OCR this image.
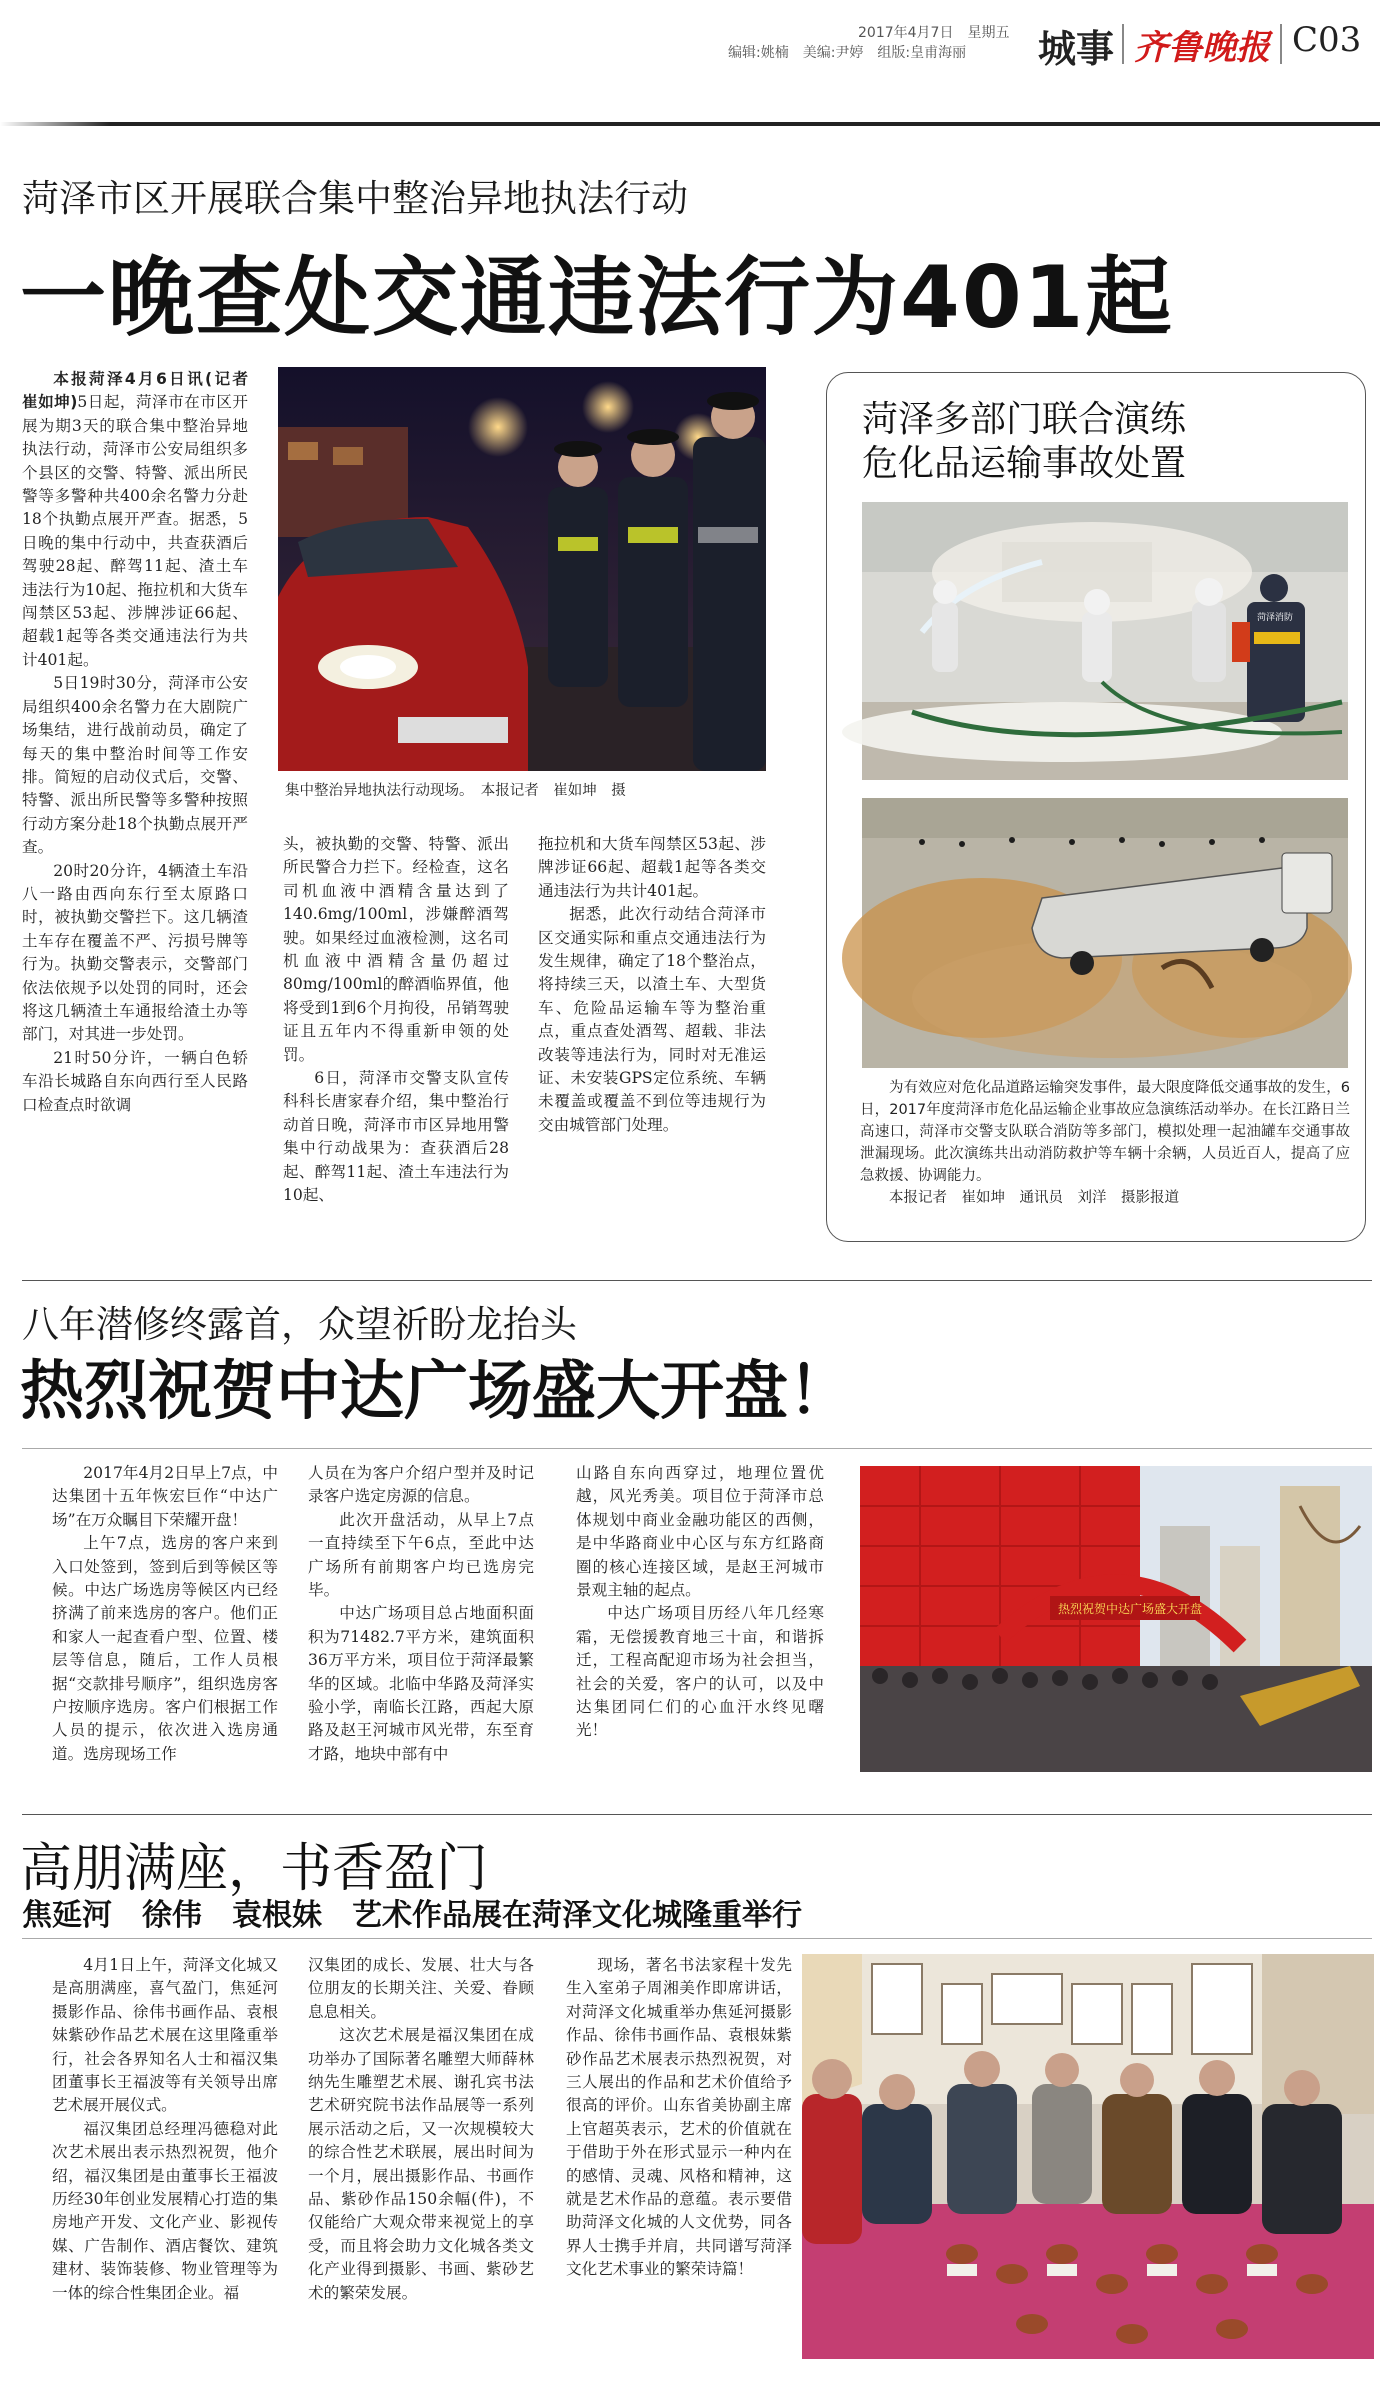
2017年4月7日　星期五
编辑:姚楠　美编:尹婷　组版:皇甫海丽 城事 齐鲁晚报 C03
菏泽市区开展联合集中整治异地执法行动
一晚查处交通违法行为401起

本报菏泽4月6日讯(记者　崔如坤)5日起，菏泽市在市区开展为期3天的联合集中整治异地执法行动，菏泽市公安局组织多个县区的交警、特警、派出所民警等多警种共400余名警力分赴18个执勤点展开严查。据悉，5日晚的集中行动中，共查获酒后驾驶28起、醉驾11起、渣土车违法行为10起、拖拉机和大货车闯禁区53起、涉牌涉证66起、超载1起等各类交通违法行为共计401起。

5日19时30分，菏泽市公安局组织400余名警力在大剧院广场集结，进行战前动员，确定了每天的集中整治时间等工作安排。简短的启动仪式后，交警、特警、派出所民警等多警种按照行动方案分赴18个执勤点展开严查。

20时20分许，4辆渣土车沿八一路由西向东行至太原路口时，被执勤交警拦下。这几辆渣土车存在覆盖不严、污损号牌等行为。执勤交警表示，交警部门依法依规予以处罚的同时，还会将这几辆渣土车通报给渣土办等部门，对其进一步处罚。

21时50分许，一辆白色轿车沿长城路自东向西行至人民路口检查点时欲调

集中整治异地执法行动现场。　本报记者　崔如坤　摄

头，被执勤的交警、特警、派出所民警合力拦下。经检查，这名司机血液中酒精含量达到了140.6mg/100ml，涉嫌醉酒驾驶。如果经过血液检测，这名司机血液中酒精含量仍超过80mg/100ml的醉酒临界值，他将受到1到6个月拘役，吊销驾驶证且五年内不得重新申领的处罚。

6日，菏泽市交警支队宣传科科长唐家春介绍，集中整治行动首日晚，菏泽市市区异地用警集中行动战果为：查获酒后28起、醉驾11起、渣土车违法行为10起、

拖拉机和大货车闯禁区53起、涉牌涉证66起、超载1起等各类交通违法行为共计401起。

据悉，此次行动结合菏泽市区交通实际和重点交通违法行为发生规律，确定了18个整治点，将持续三天，以渣土车、大型货车、危险品运输车等为整治重点，重点查处酒驾、超载、非法改装等违法行为，同时对无准运证、未安装GPS定位系统、车辆未覆盖或覆盖不到位等违规行为交由城管部门处理。

菏泽多部门联合演练
危化品运输事故处置
菏泽消防

为有效应对危化品道路运输突发事件，最大限度降低交通事故的发生，6日，2017年度菏泽市危化品运输企业事故应急演练活动举办。在长江路日兰高速口，菏泽市交警支队联合消防等多部门，模拟处理一起油罐车交通事故泄漏现场。此次演练共出动消防救护等车辆十余辆，人员近百人，提高了应急救援、协调能力。

本报记者　崔如坤　通讯员　刘洋　摄影报道

八年潜修终露首，众望祈盼龙抬头
热烈祝贺中达广场盛大开盘！

2017年4月2日早上7点，中达集团十五年恢宏巨作“中达广场”在万众瞩目下荣耀开盘！

上午7点，选房的客户来到入口处签到，签到后到等候区等候。中达广场选房等候区内已经挤满了前来选房的客户。他们正和家人一起查看户型、位置、楼层等信息，随后，工作人员根据“交款排号顺序”，组织选房客户按顺序选房。客户们根据工作人员的提示，依次进入选房通道。选房现场工作

人员在为客户介绍户型并及时记录客户选定房源的信息。

此次开盘活动，从早上7点一直持续至下午6点，至此中达广场所有前期客户均已选房完毕。

中达广场项目总占地面积面积为71482.7平方米，建筑面积36万平方米，项目位于菏泽最繁华的区域。北临中华路及菏泽实验小学，南临长江路，西起大原路及赵王河城市风光带，东至育才路，地块中部有中

山路自东向西穿过，地理位置优越，风光秀美。项目位于菏泽市总体规划中商业金融功能区的西侧，是中华路商业中心区与东方红路商圈的核心连接区域，是赵王河城市景观主轴的起点。

中达广场项目历经八年几经寒霜，无偿援教育地三十亩，和谐拆迁，工程高配迎市场为社会担当，社会的关爱，客户的认可，以及中达集团同仁们的心血汗水终见曙光！

热烈祝贺中达广场盛大开盘
高朋满座，书香盈门
焦延河　徐伟　袁根妹　艺术作品展在菏泽文化城隆重举行

4月1日上午，菏泽文化城又是高朋满座，喜气盈门，焦延河摄影作品、徐伟书画作品、袁根妹紫砂作品艺术展在这里隆重举行，社会各界知名人士和福汉集团董事长王福波等有关领导出席艺术展开展仪式。

福汉集团总经理冯德稳对此次艺术展出表示热烈祝贺，他介绍，福汉集团是由董事长王福波历经30年创业发展精心打造的集房地产开发、文化产业、影视传媒、广告制作、酒店餐饮、建筑建材、装饰装修、物业管理等为一体的综合性集团企业。福

汉集团的成长、发展、壮大与各位朋友的长期关注、关爱、眷顾息息相关。

这次艺术展是福汉集团在成功举办了国际著名雕塑大师薛林纳先生雕塑艺术展、谢孔宾书法艺术研究院书法作品展等一系列展示活动之后，又一次规模较大的综合性艺术联展，展出时间为一个月，展出摄影作品、书画作品、紫砂作品150余幅(件)，不仅能给广大观众带来视觉上的享受，而且将会助力文化城各类文化产业得到摄影、书画、紫砂艺术的繁荣发展。

现场，著名书法家程十发先生入室弟子周湘美作即席讲话，对菏泽文化城重举办焦延河摄影作品、徐伟书画作品、袁根妹紫砂作品艺术展表示热烈祝贺，对三人展出的作品和艺术价值给予很高的评价。山东省美协副主席上官超英表示，艺术的价值就在于借助于外在形式显示一种内在的感情、灵魂、风格和精神，这就是艺术作品的意蕴。表示要借助菏泽文化城的人文优势，同各界人士携手并肩，共同谱写菏泽文化艺术事业的繁荣诗篇！
